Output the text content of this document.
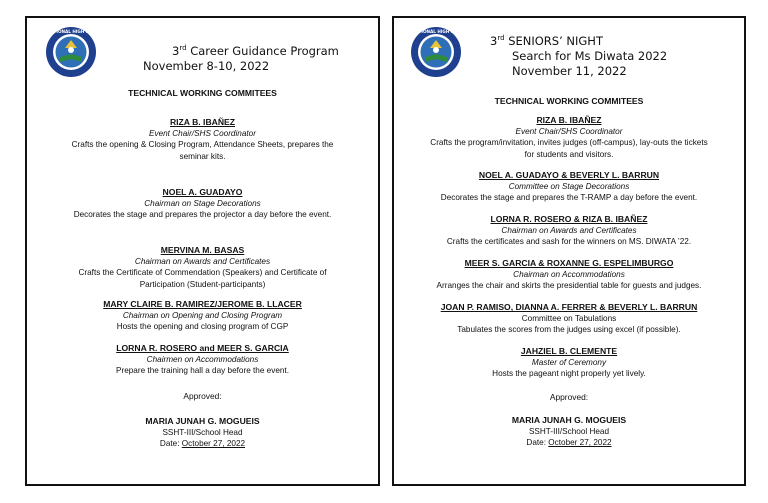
IPIL NATIONAL HIGH SCHOOL
3rd Career Guidance Program
November 8-10, 2022
TECHNICAL WORKING COMMITEES
RIZA B. IBAÑEZ
Event Chair/SHS Coordinator
Crafts the opening & Closing Program, Attendance Sheets, prepares the
seminar kits.
NOEL A. GUADAYO
Chairman on Stage Decorations
Decorates the stage and prepares the projector a day before the event.
MERVINA M. BASAS
Chairman on Awards and Certificates
Crafts the Certificate of Commendation (Speakers) and Certificate of
Participation (Student-participants)
MARY CLAIRE B. RAMIREZ/JEROME B. LLACER
Chairman on Opening and Closing Program
Hosts the opening and closing program of CGP
LORNA R. ROSERO and MEER S. GARCIA
Chairmen on Accommodations
Prepare the training hall a day before the event.
Approved:
MARIA JUNAH G. MOGUEIS
SSHT-III/School Head
Date: October 27, 2022
IPIL NATIONAL HIGH SCHOOL
3rd SENIORS’ NIGHT
Search for Ms Diwata 2022
November 11, 2022
TECHNICAL WORKING COMMITEES
RIZA B. IBAÑEZ
Event Chair/SHS Coordinator
Crafts the program/invitation, invites judges (off-campus), lay-outs the tickets
for students and visitors.
NOEL A. GUADAYO & BEVERLY L. BARRUN
Committee on Stage Decorations
Decorates the stage and prepares the T-RAMP a day before the event.
LORNA R. ROSERO & RIZA B. IBAÑEZ
Chairman on Awards and Certificates
Crafts the certificates and sash for the winners on MS. DIWATA ’22.
MEER S. GARCIA & ROXANNE G. ESPELIMBURGO
Chairman on Accommodations
Arranges the chair and skirts the presidential table for guests and judges.
JOAN P. RAMISO, DIANNA A. FERRER & BEVERLY L. BARRUN
Committee on Tabulations
Tabulates the scores from the judges using excel (if possible).
JAHZIEL B. CLEMENTE
Master of Ceremony
Hosts the pageant night properly yet lively.
Approved:
MARIA JUNAH G. MOGUEIS
SSHT-III/School Head
Date: October 27, 2022
